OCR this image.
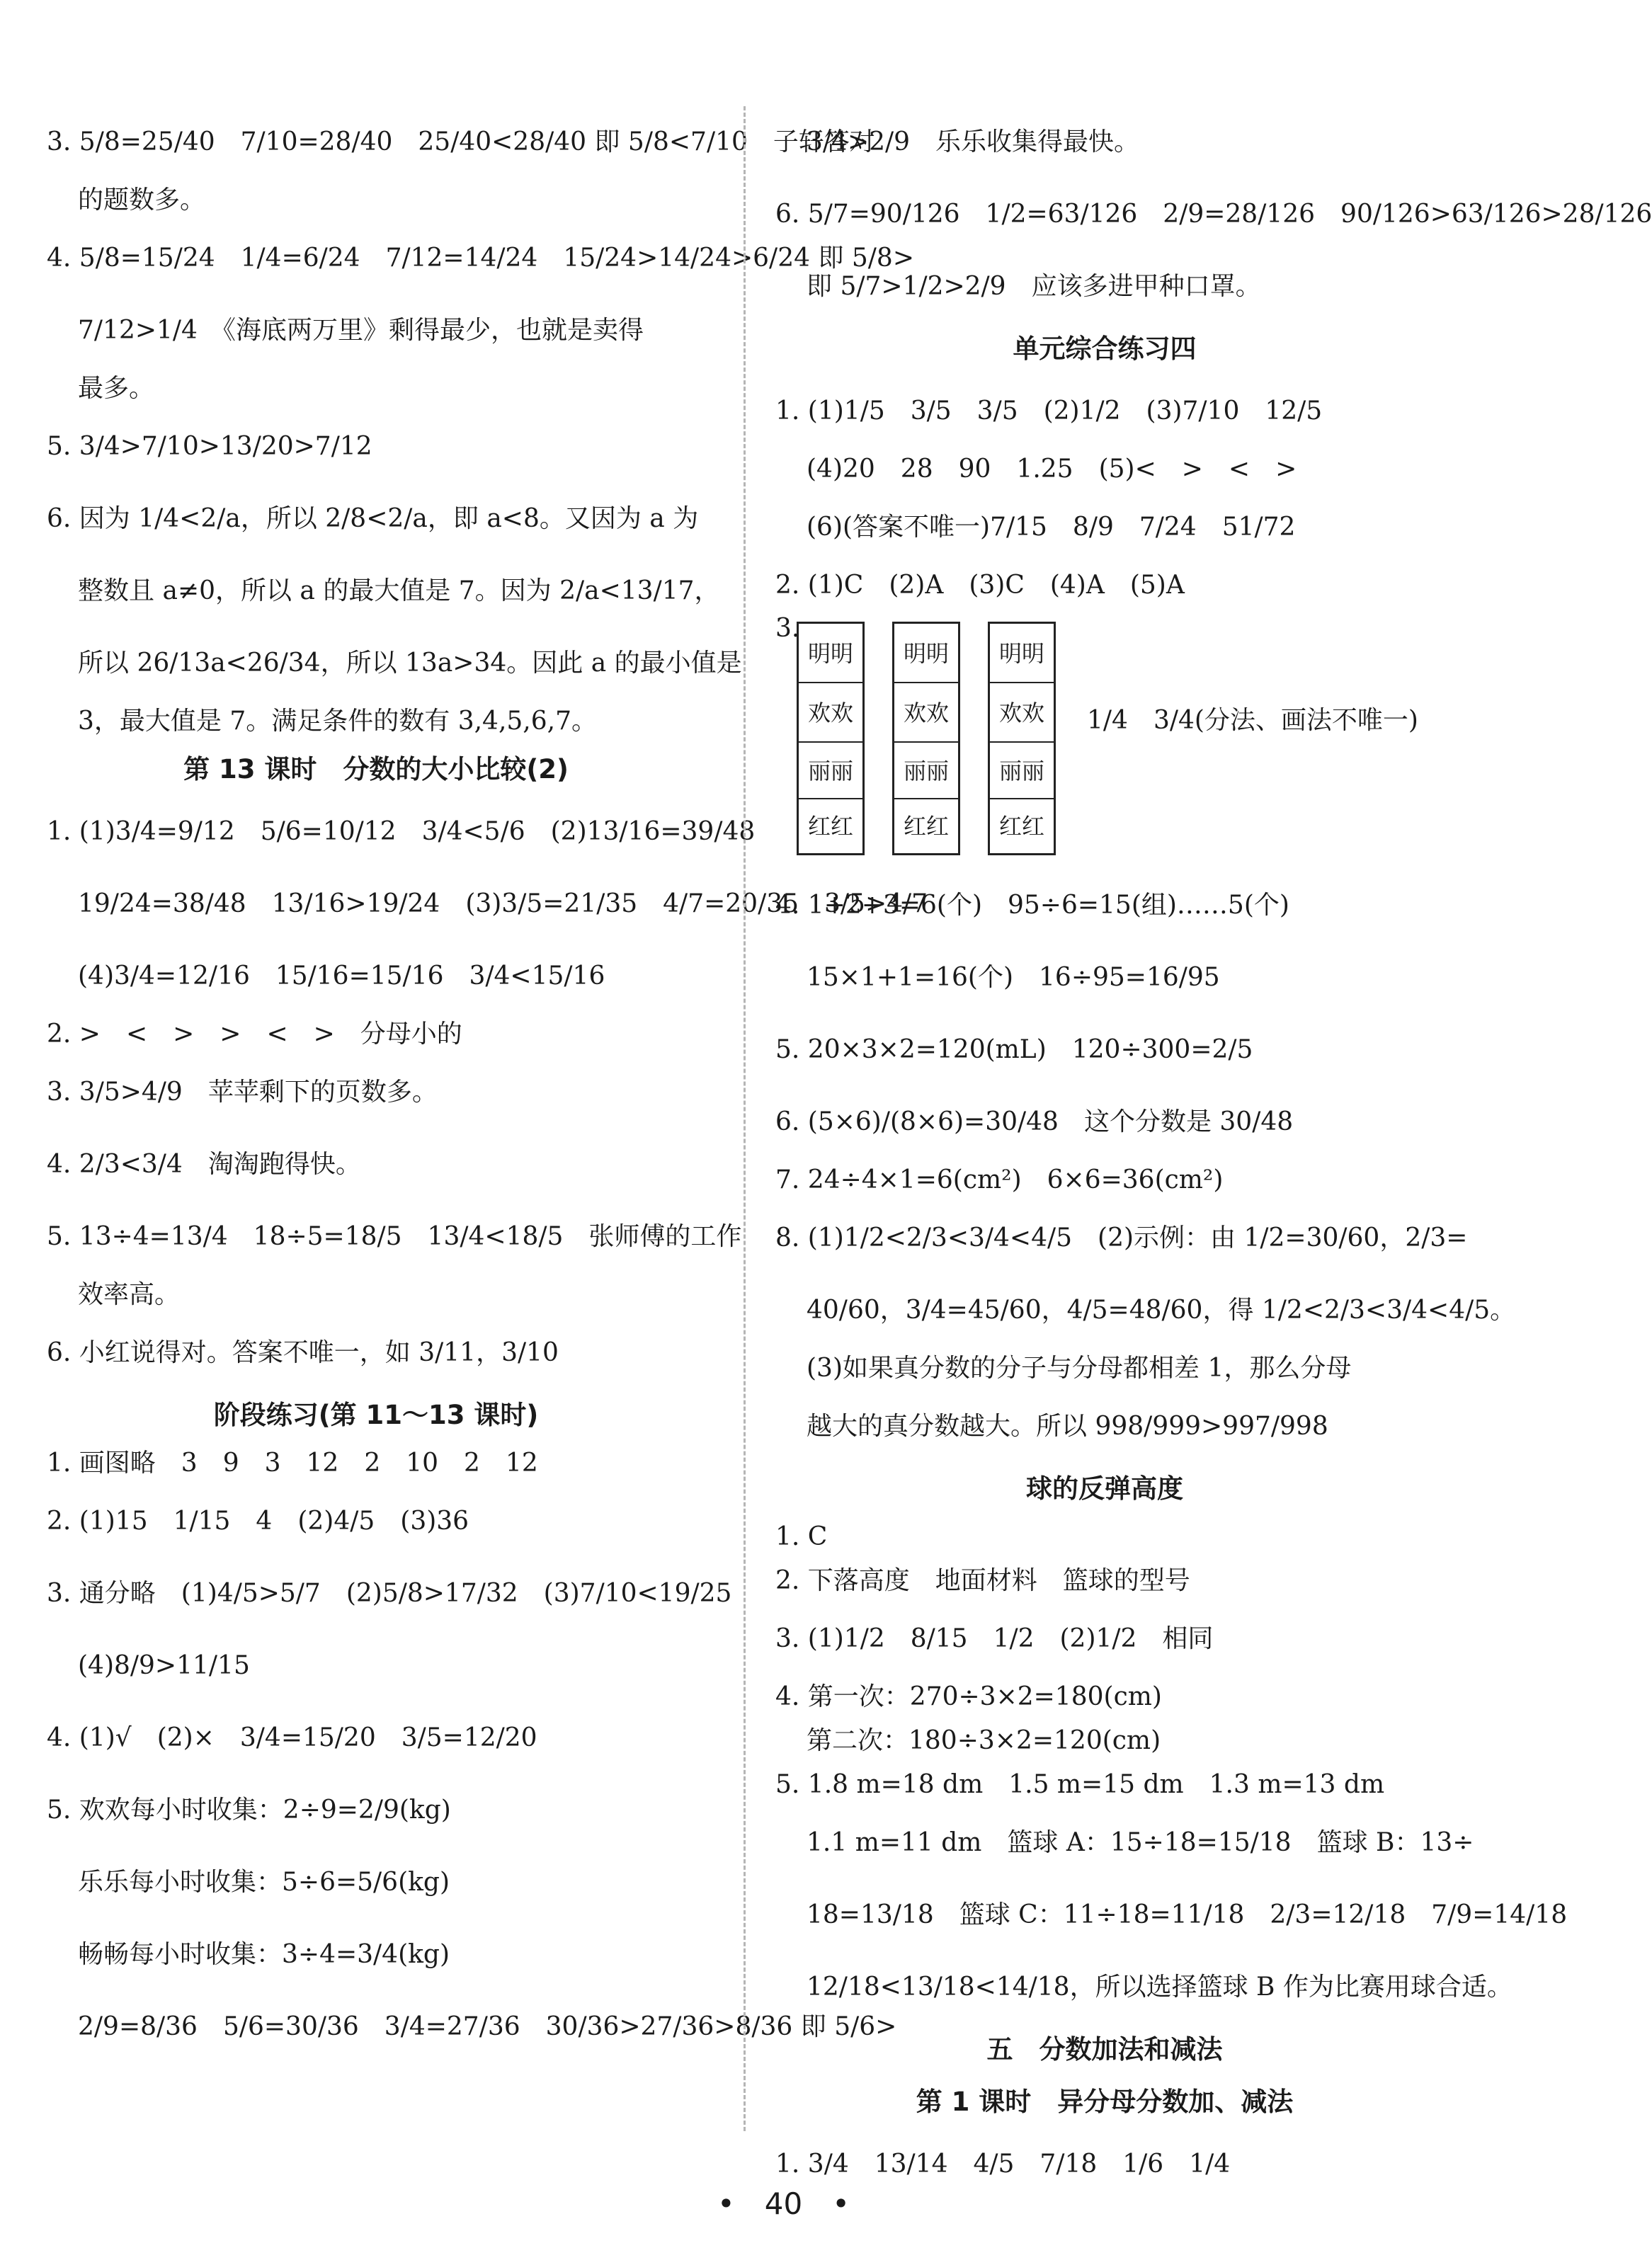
3. 5/8=25/40　7/10=28/40　25/40<28/40 即 5/8<7/10　子轩答对
的题数多。
4. 5/8=15/24　1/4=6/24　7/12=14/24　15/24>14/24>6/24 即 5/8>
7/12>1/4　《海底两万里》剩得最少，也就是卖得
最多。
5. 3/4>7/10>13/20>7/12
6. 因为 1/4<2/a，所以 2/8<2/a，即 a<8。又因为 a 为
整数且 a≠0，所以 a 的最大值是 7。因为 2/a<13/17，
所以 26/13a<26/34，所以 13a>34。因此 a 的最小值是
3，最大值是 7。满足条件的数有 3,4,5,6,7。
第 13 课时　分数的大小比较(2)
1. (1)3/4=9/12　5/6=10/12　3/4<5/6　(2)13/16=39/48
19/24=38/48　13/16>19/24　(3)3/5=21/35　4/7=20/35　3/5>4/7
(4)3/4=12/16　15/16=15/16　3/4<15/16
2. >　<　>　>　<　>　分母小的
3. 3/5>4/9　苹苹剩下的页数多。
4. 2/3<3/4　淘淘跑得快。
5. 13÷4=13/4　18÷5=18/5　13/4<18/5　张师傅的工作
效率高。
6. 小红说得对。答案不唯一，如 3/11，3/10
阶段练习(第 11～13 课时)
1. 画图略　3　9　3　12　2　10　2　12
2. (1)15　1/15　4　(2)4/5　(3)36
3. 通分略　(1)4/5>5/7　(2)5/8>17/32　(3)7/10<19/25
(4)8/9>11/15
4. (1)√　(2)×　3/4=15/20　3/5=12/20
5. 欢欢每小时收集：2÷9=2/9(kg)
乐乐每小时收集：5÷6=5/6(kg)
畅畅每小时收集：3÷4=3/4(kg)
2/9=8/36　5/6=30/36　3/4=27/36　30/36>27/36>8/36 即 5/6>
3/4>2/9　乐乐收集得最快。
6. 5/7=90/126　1/2=63/126　2/9=28/126　90/126>63/126>28/126
即 5/7>1/2>2/9　应该多进甲种口罩。
单元综合练习四
1. (1)1/5　3/5　3/5　(2)1/2　(3)7/10　12/5
(4)20　28　90　1.25　(5)<　>　<　>
(6)(答案不唯一)7/15　8/9　7/24　51/72
2. (1)C　(2)A　(3)C　(4)A　(5)A
3.
明明
欢欢
丽丽
红红
明明
欢欢
丽丽
红红
明明
欢欢
丽丽
红红
1/4　3/4(分法、画法不唯一)
4. 1+2+3=6(个)　95÷6=15(组)……5(个)
15×1+1=16(个)　16÷95=16/95
5. 20×3×2=120(mL)　120÷300=2/5
6. (5×6)/(8×6)=30/48　这个分数是 30/48
7. 24÷4×1=6(cm²)　6×6=36(cm²)
8. (1)1/2<2/3<3/4<4/5　(2)示例：由 1/2=30/60，2/3=
40/60，3/4=45/60，4/5=48/60，得 1/2<2/3<3/4<4/5。
(3)如果真分数的分子与分母都相差 1，那么分母
越大的真分数越大。所以 998/999>997/998
球的反弹高度
1. C
2. 下落高度　地面材料　篮球的型号
3. (1)1/2　8/15　1/2　(2)1/2　相同
4. 第一次：270÷3×2=180(cm)
第二次：180÷3×2=120(cm)
5. 1.8 m=18 dm　1.5 m=15 dm　1.3 m=13 dm
1.1 m=11 dm　篮球 A：15÷18=15/18　篮球 B：13÷
18=13/18　篮球 C：11÷18=11/18　2/3=12/18　7/9=14/18
12/18<13/18<14/18，所以选择篮球 B 作为比赛用球合适。
五　分数加法和减法
第 1 课时　异分母分数加、减法
1. 3/4　13/14　4/5　7/18　1/6　1/4
•　40　•
